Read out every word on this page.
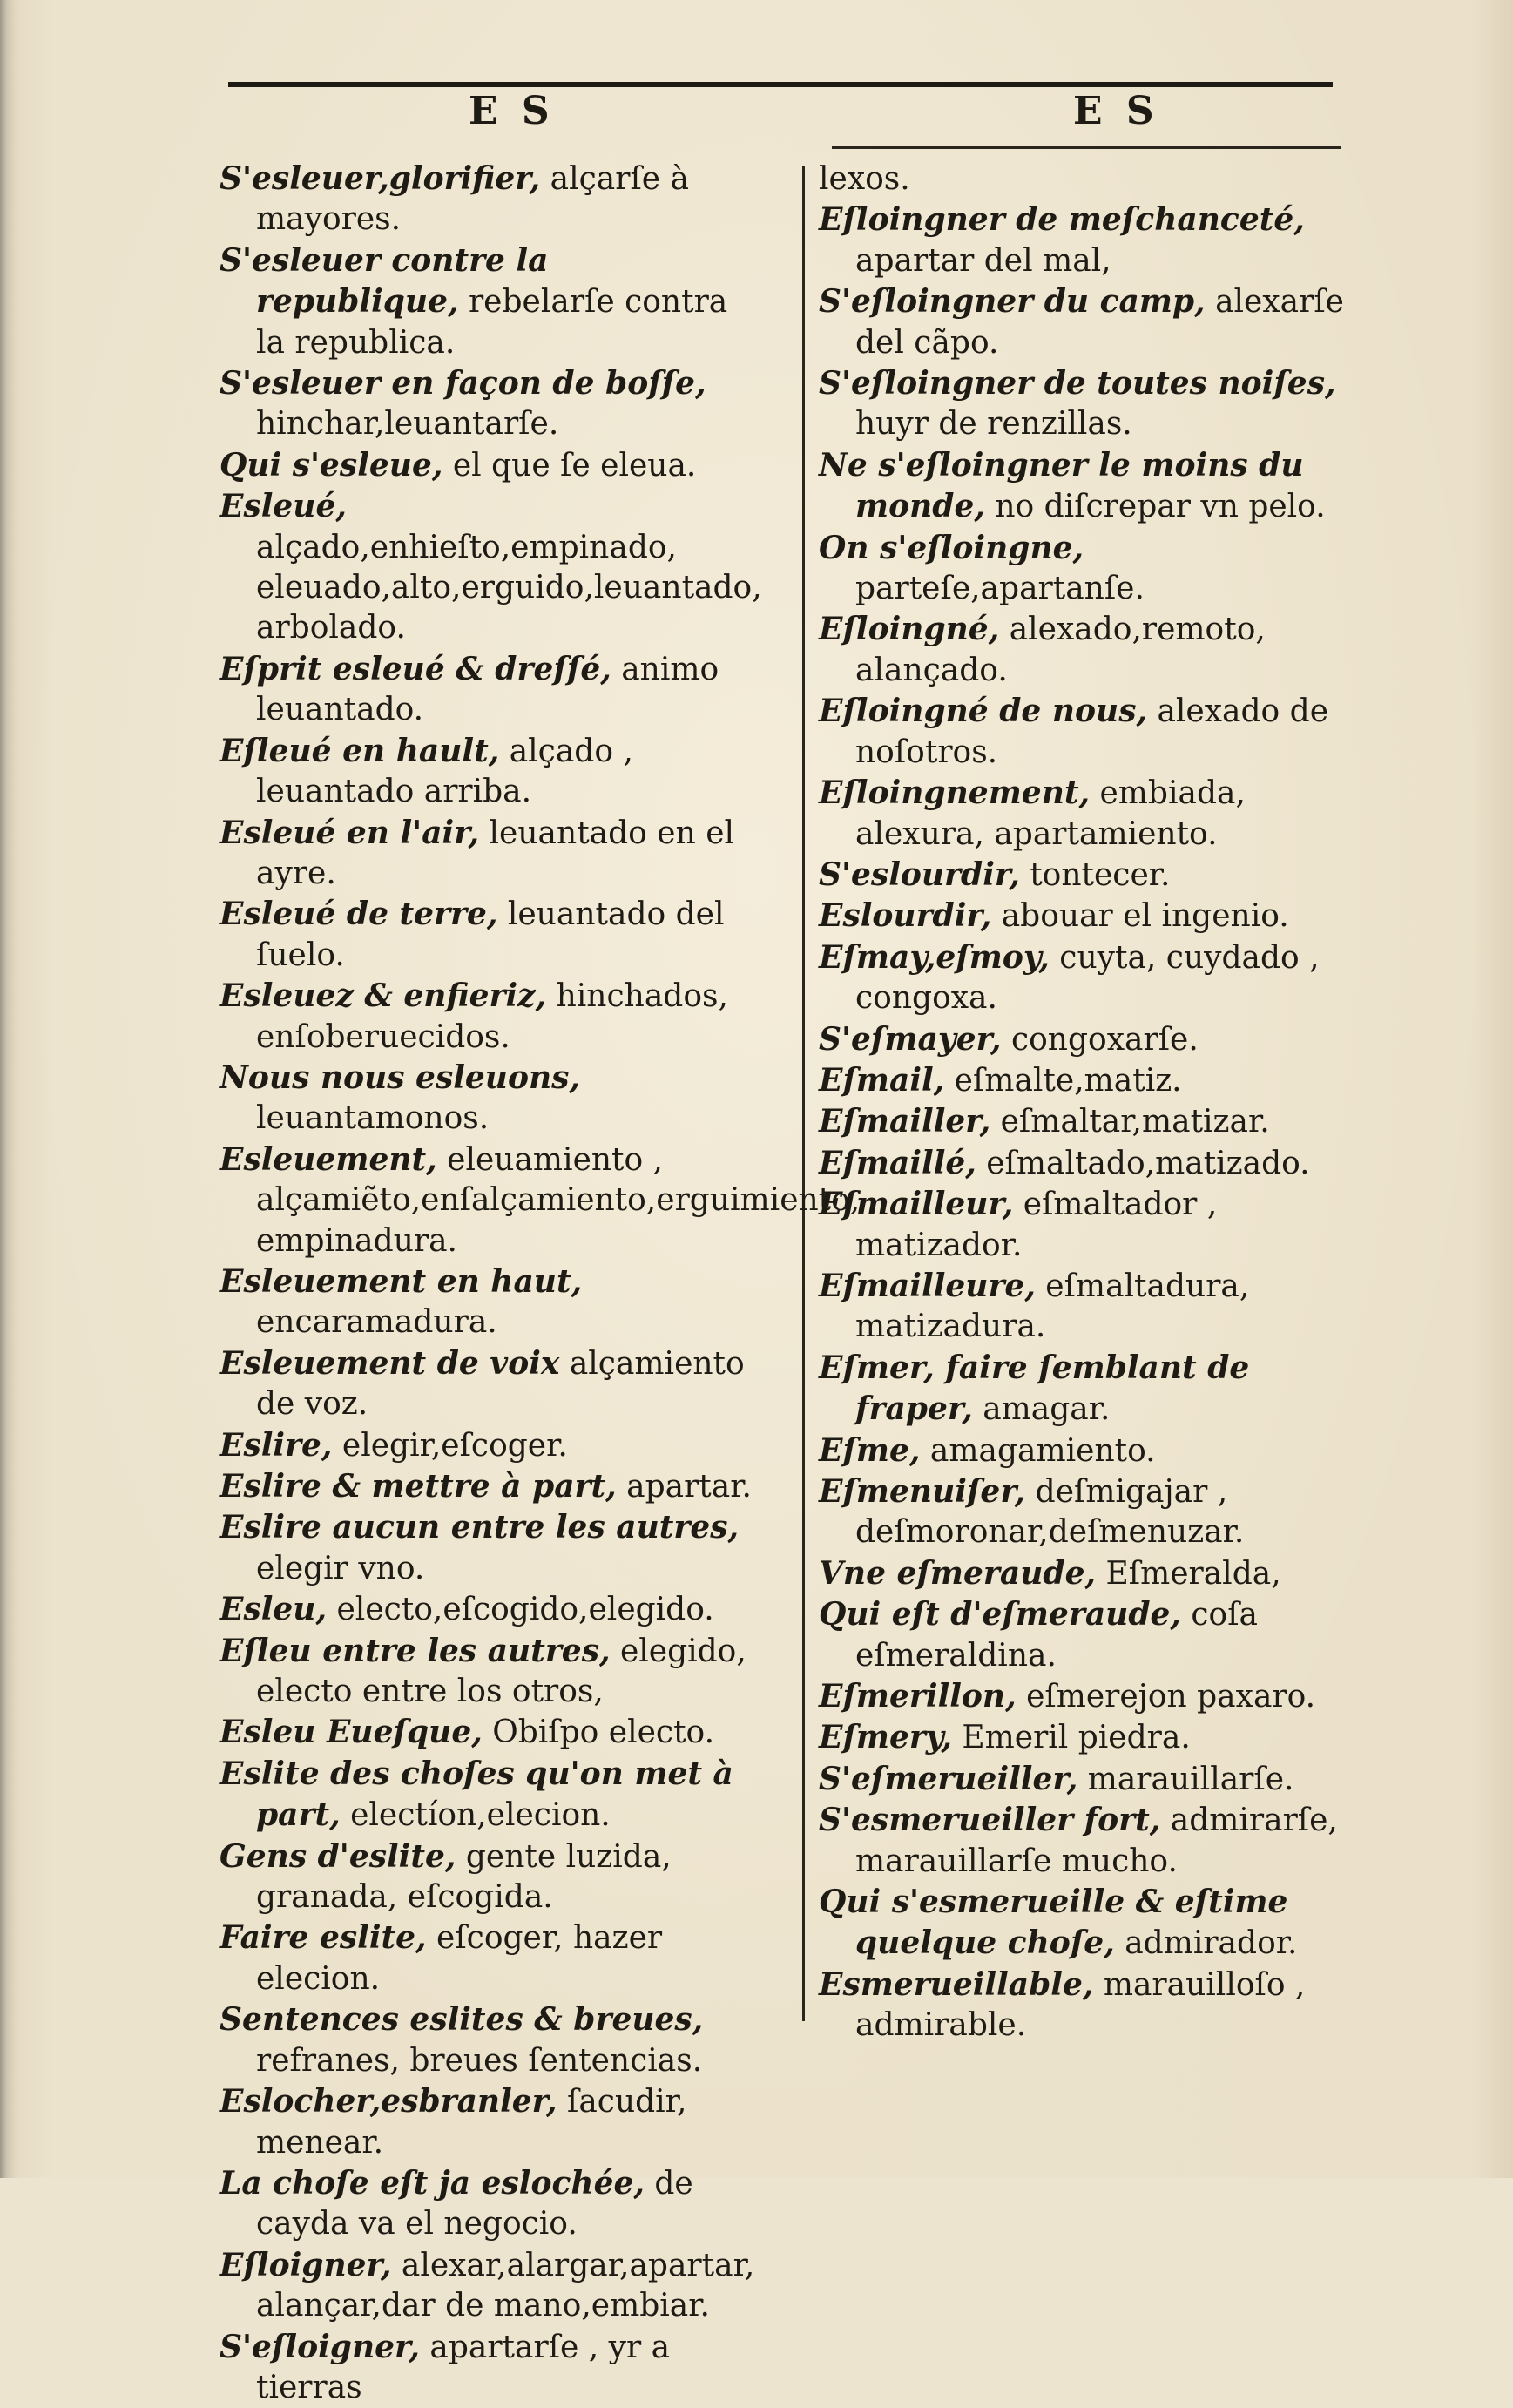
E S	E S

S'esleuer,glorifier, alçarſe à mayores.

S'esleuer contre la republique, rebelarſe contra la republica.

S'esleuer en façon de boſſe, hinchar,leuantarſe.

Qui s'esleue, el que ſe eleua.

Esleué, alçado,enhieſto,empinado, eleuado,alto,erguido,leuantado, arbolado.

Eſprit esleué & dreſſé, animo leuantado.

Eſleué en hault, alçado , leuantado arriba.

Esleué en l'air, leuantado en el ayre.

Esleué de terre, leuantado del ſuelo.

Esleuez & enfieriz, hinchados, enſoberuecidos.

Nous nous esleuons, leuantamonos.

Esleuement, eleuamiento , alçamiẽto,enſalçamiento,erguimiento, empinadura.

Esleuement en haut, encaramadura.

Esleuement de voix alçamiento de voz.

Eslire, elegir,eſcoger.

Eslire & mettre à part, apartar.

Eslire aucun entre les autres, elegir vno.

Esleu, electo,eſcogido,elegido.

Eſleu entre les autres, elegido, electo entre los otros,

Esleu Eueſque, Obiſpo electo.

Eslite des choſes qu'on met à part, electíon,elecion.

Gens d'eslite, gente luzida, granada, eſcogida.

Faire eslite, eſcoger, hazer elecion.

Sentences eslites & breues, refranes, breues ſentencias.

Eslocher,esbranler, ſacudir, menear.

La choſe eſt ja eslochée, de cayda va el negocio.

Eſloigner, alexar,alargar,apartar, alançar,dar de mano,embiar.

S'eſloigner, apartarſe , yr a tierras

lexos.

Eſloingner de meſchanceté, apartar del mal,

S'eſloingner du camp, alexarſe del cãpo.

S'eſloingner de toutes noiſes, huyr de renzillas.

Ne s'eſloingner le moins du monde, no diſcrepar vn pelo.

On s'eſloingne, parteſe,apartanſe.

Eſloingné, alexado,remoto, alançado.

Eſloingné de nous, alexado de noſotros.

Eſloingnement, embiada, alexura, apartamiento.

S'eslourdir, tontecer.

Eslourdir, abouar el ingenio.

Eſmay,eſmoy, cuyta, cuydado , congoxa.

S'eſmayer, congoxarſe.

Eſmail, eſmalte,matiz.

Eſmailler, eſmaltar,matizar.

Eſmaillé, eſmaltado,matizado.

Eſmailleur, eſmaltador , matizador.

Eſmailleure, eſmaltadura, matizadura.

Eſmer, faire ſemblant de fraper, amagar.

Eſme, amagamiento.

Eſmenuiſer, deſmigajar , deſmoronar,deſmenuzar.

Vne eſmeraude, Eſmeralda,

Qui eſt d'eſmeraude, coſa eſmeraldina.

Eſmerillon, eſmerejon paxaro.

Eſmery, Emeril piedra.

S'eſmerueiller, marauillarſe.

S'esmerueiller fort, admirarſe, marauillarſe mucho.

Qui s'esmerueille & eſtime quelque choſe, admirador.

Esmerueillable, marauilloſo , admirable.
